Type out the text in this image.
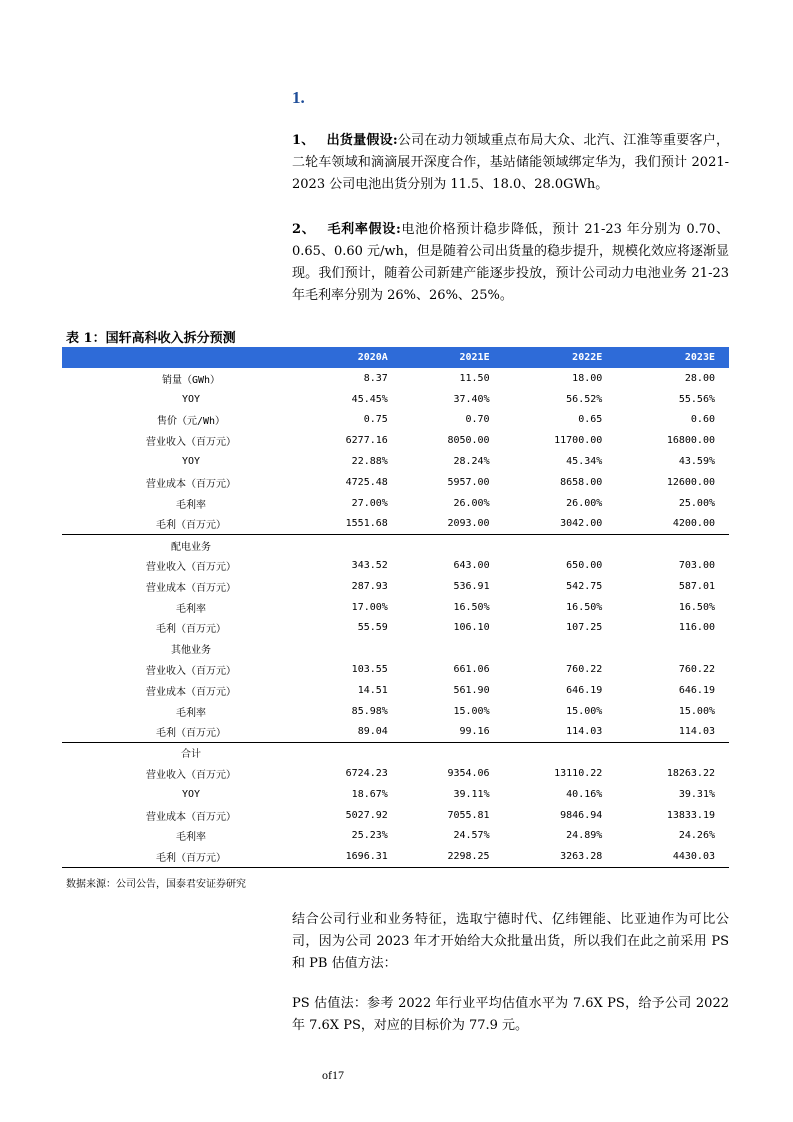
1.
1、 出货量假设:公司在动力领域重点布局大众、北汽、江淮等重要客户，二轮车领域和滴滴展开深度合作，基站储能领域绑定华为，我们预计 2021-2023 公司电池出货分别为 11.5、18.0、28.0GWh。
2、 毛利率假设:电池价格预计稳步降低，预计 21-23 年分别为 0.70、0.65、0.60 元/wh，但是随着公司出货量的稳步提升，规模化效应将逐渐显现。我们预计，随着公司新建产能逐步投放，预计公司动力电池业务 21-23 年毛利率分别为 26%、26%、25%。
表 1：国轩高科收入拆分预测
	2020A	2021E	2022E	2023E
销量（GWh）	8.37	11.50	18.00	28.00
YOY	45.45%	37.40%	56.52%	55.56%
售价（元/Wh）	0.75	0.70	0.65	0.60
营业收入（百万元）	6277.16	8050.00	11700.00	16800.00
YOY	22.88%	28.24%	45.34%	43.59%
营业成本（百万元）	4725.48	5957.00	8658.00	12600.00
毛利率	27.00%	26.00%	26.00%	25.00%
毛利（百万元）	1551.68	2093.00	3042.00	4200.00
配电业务				
营业收入（百万元）	343.52	643.00	650.00	703.00
营业成本（百万元）	287.93	536.91	542.75	587.01
毛利率	17.00%	16.50%	16.50%	16.50%
毛利（百万元）	55.59	106.10	107.25	116.00
其他业务				
营业收入（百万元）	103.55	661.06	760.22	760.22
营业成本（百万元）	14.51	561.90	646.19	646.19
毛利率	85.98%	15.00%	15.00%	15.00%
毛利（百万元）	89.04	99.16	114.03	114.03
合计				
营业收入（百万元）	6724.23	9354.06	13110.22	18263.22
YOY	18.67%	39.11%	40.16%	39.31%
营业成本（百万元）	5027.92	7055.81	9846.94	13833.19
毛利率	25.23%	24.57%	24.89%	24.26%
毛利（百万元）	1696.31	2298.25	3263.28	4430.03
数据来源：公司公告，国泰君安证券研究
结合公司行业和业务特征，选取宁德时代、亿纬锂能、比亚迪作为可比公司，因为公司 2023 年才开始给大众批量出货，所以我们在此之前采用 PS 和 PB 估值方法：
PS 估值法：参考 2022 年行业平均估值水平为 7.6X PS，给予公司 2022 年 7.6X PS，对应的目标价为 77.9 元。
of17
